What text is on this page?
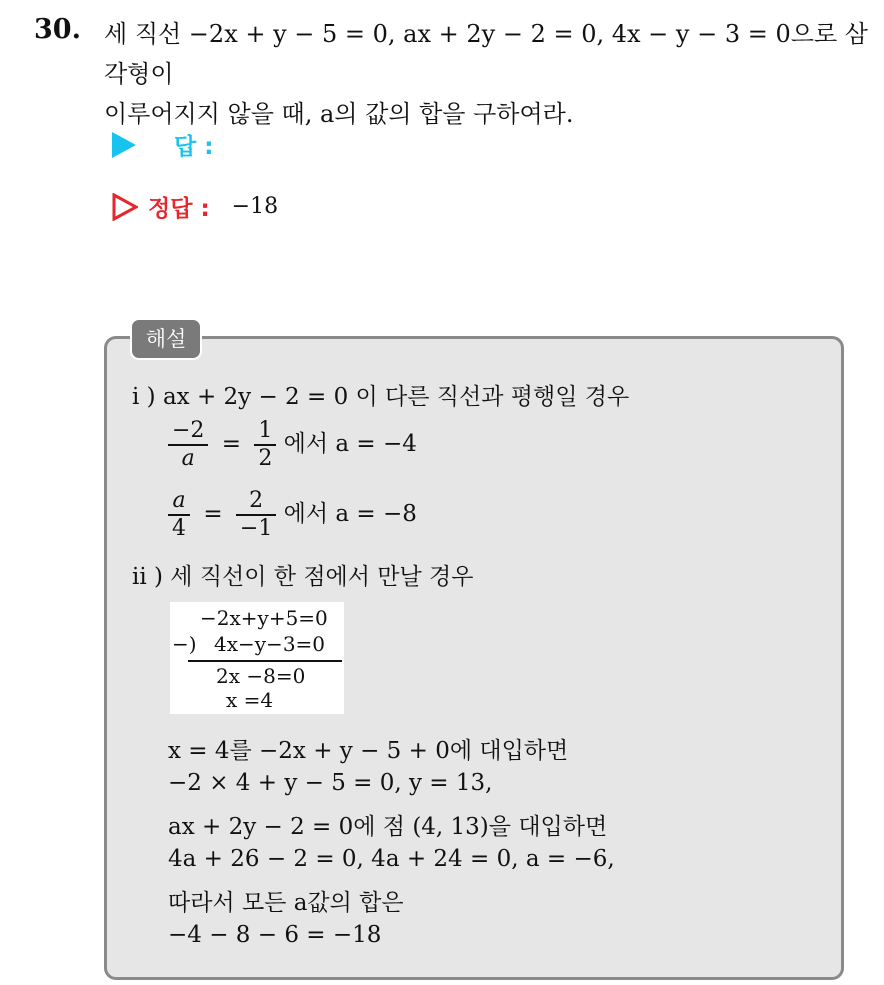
30. 세 직선 −2x + y − 5 = 0, ax + 2y − 2 = 0, 4x − y − 3 = 0으로 삼각형이
이루어지지 않을 때, a의 값의 합을 구하여라.
답 :
정답 : −18
해설
i ) ax + 2y − 2 = 0 이 다른 직선과 평행일 경우
$\frac{-2}{a} = \frac{1}{2}$ 에서 a = −4
$\frac{a}{4} = \frac{2}{-1}$ 에서 a = −8
ii ) 세 직선이 한 점에서 만날 경우
−2x+y+5=0
−) 4x−y−3=0
2x −8=0
x =4
x = 4를 −2x + y − 5 + 0에 대입하면
−2 × 4 + y − 5 = 0, y = 13,
ax + 2y − 2 = 0에 점 (4, 13)을 대입하면
4a + 26 − 2 = 0, 4a + 24 = 0, a = −6,
따라서 모든 a값의 합은
−4 − 8 − 6 = −18
